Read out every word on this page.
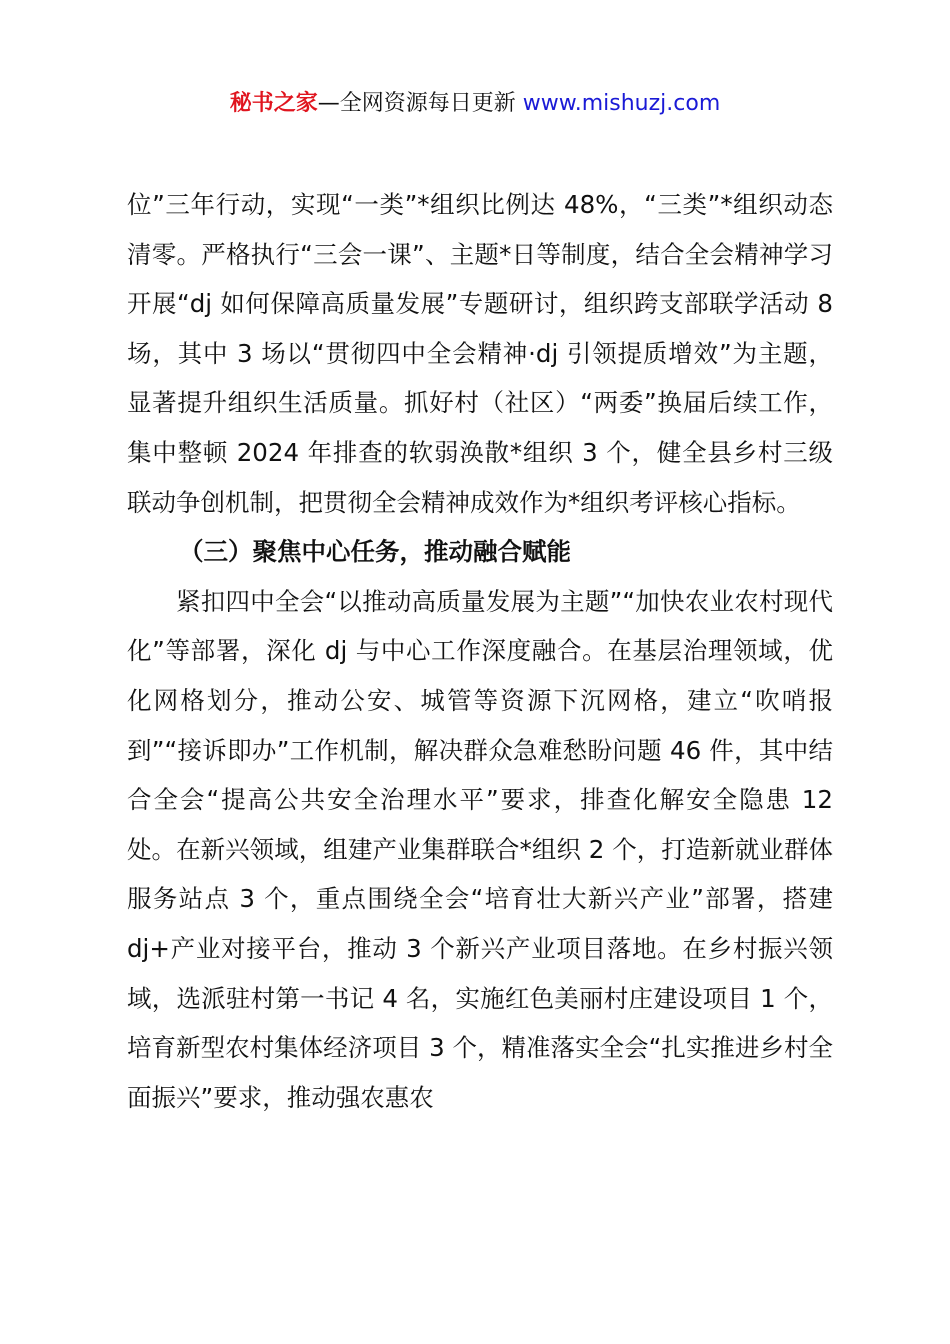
秘书之家—全网资源每日更新 www.mishuzj.com

位”三年行动，实现“一类”*组织比例达 48%，“三类”*组织动态清零。严格执行“三会一课”、主题*日等制度，结合全会精神学习开展“dj 如何保障高质量发展”专题研讨，组织跨支部联学活动 8 场，其中 3 场以“贯彻四中全会精神·dj 引领提质增效”为主题，显著提升组织生活质量。抓好村（社区）“两委”换届后续工作，集中整顿 2024 年排查的软弱涣散*组织 3 个，健全县乡村三级联动争创机制，把贯彻全会精神成效作为*组织考评核心指标。

（三）聚焦中心任务，推动融合赋能

紧扣四中全会“以推动高质量发展为主题”“加快农业农村现代化”等部署，深化 dj 与中心工作深度融合。在基层治理领域，优化网格划分，推动公安、城管等资源下沉网格，建立“吹哨报到”“接诉即办”工作机制，解决群众急难愁盼问题 46 件，其中结合全会“提高公共安全治理水平”要求，排查化解安全隐患 12 处。在新兴领域，组建产业集群联合*组织 2 个，打造新就业群体服务站点 3 个，重点围绕全会“培育壮大新兴产业”部署，搭建 dj+产业对接平台，推动 3 个新兴产业项目落地。在乡村振兴领域，选派驻村第一书记 4 名，实施红色美丽村庄建设项目 1 个，培育新型农村集体经济项目 3 个，精准落实全会“扎实推进乡村全面振兴”要求，推动强农惠农
